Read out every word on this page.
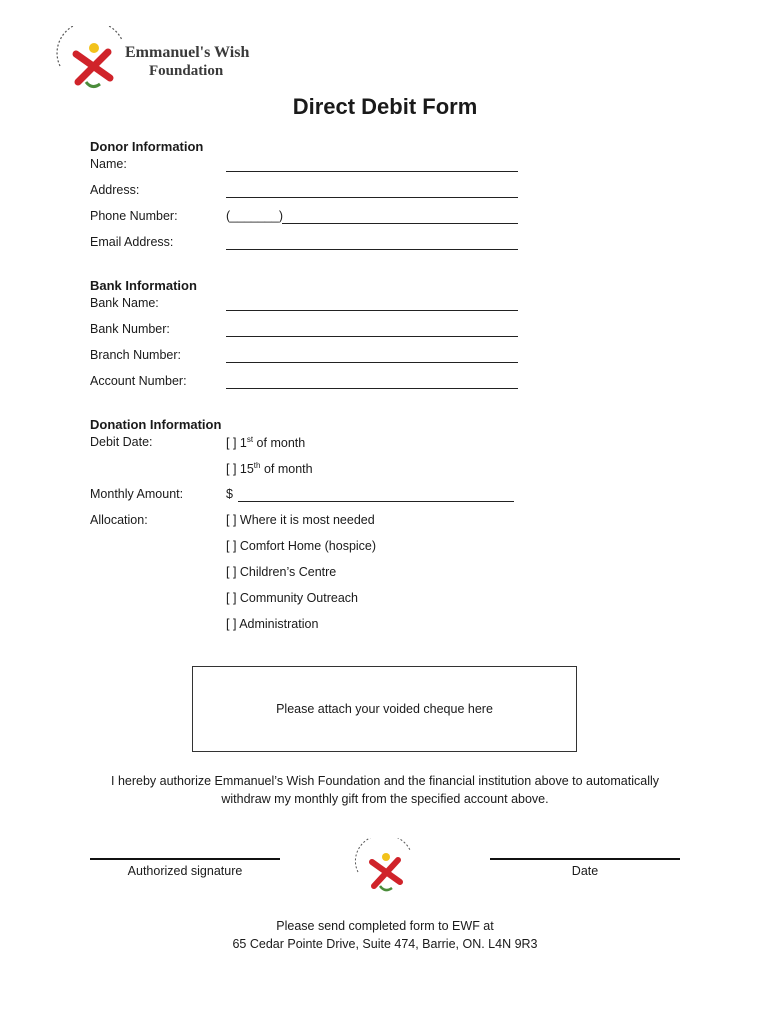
Emmanuel's Wish
Foundation
Direct Debit Form
Donor Information
Name:
Address:
Phone Number:	(_______)
Email Address:
Bank Information
Bank Name:
Bank Number:
Branch Number:
Account Number:
Donation Information
Debit Date:	[ ] 1st of month
[ ] 15th of month
Monthly Amount:	$
Allocation:	[ ] Where it is most needed
[ ] Comfort Home (hospice)
[ ] Children’s Centre
[ ] Community Outreach
[ ] Administration
Please attach your voided cheque here
I hereby authorize Emmanuel’s Wish Foundation and the financial institution above to automatically
withdraw my monthly gift from the specified account above.
Authorized signature	Date
Please send completed form to EWF at
65 Cedar Pointe Drive, Suite 474, Barrie, ON. L4N 9R3
